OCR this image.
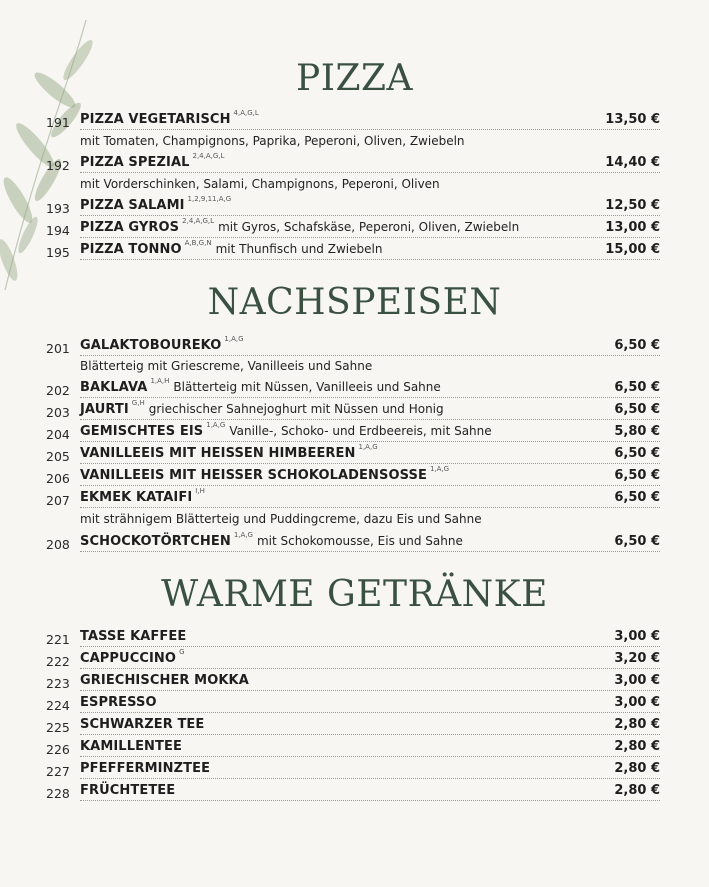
PIZZA
191 PIZZA VEGETARISCH 4,A,G,L	13,50 €
mit Tomaten, Champignons, Paprika, Peperoni, Oliven, Zwiebeln
192 PIZZA SPEZIAL 2,4,A,G,L	14,40 €
mit Vorderschinken, Salami, Champignons, Peperoni, Oliven
193 PIZZA SALAMI 1,2,9,11,A,G	12,50 €
194 PIZZA GYROS 2,4,A,G,L mit Gyros, Schafskäse, Peperoni, Oliven, Zwiebeln	13,00 €
195 PIZZA TONNO A,B,G,N mit Thunfisch und Zwiebeln	15,00 €
NACHSPEISEN
201 GALAKTOBOUREKO 1,A,G	6,50 €
Blätterteig mit Griescreme, Vanilleeis und Sahne
202 BAKLAVA 1,A,H Blätterteig mit Nüssen, Vanilleeis und Sahne	6,50 €
203 JAURTI G,H griechischer Sahnejoghurt mit Nüssen und Honig	6,50 €
204 GEMISCHTES EIS 1,A,G Vanille-, Schoko- und Erdbeereis, mit Sahne	5,80 €
205 VANILLEEIS MIT HEISSEN HIMBEEREN 1,A,G	6,50 €
206 VANILLEEIS MIT HEISSER SCHOKOLADENSOSSE 1,A,G	6,50 €
207 EKMEK KATAIFI I,H	6,50 €
mit strähnigem Blätterteig und Puddingcreme, dazu Eis und Sahne
208 SCHOCKOTÖRTCHEN 1,A,G mit Schokomousse, Eis und Sahne	6,50 €
WARME GETRÄNKE
221 TASSE KAFFEE	3,00 €
222 CAPPUCCINO G	3,20 €
223 GRIECHISCHER MOKKA	3,00 €
224 ESPRESSO	3,00 €
225 SCHWARZER TEE	2,80 €
226 KAMILLENTEE	2,80 €
227 PFEFFERMINZTEE	2,80 €
228 FRÜCHTETEE	2,80 €
